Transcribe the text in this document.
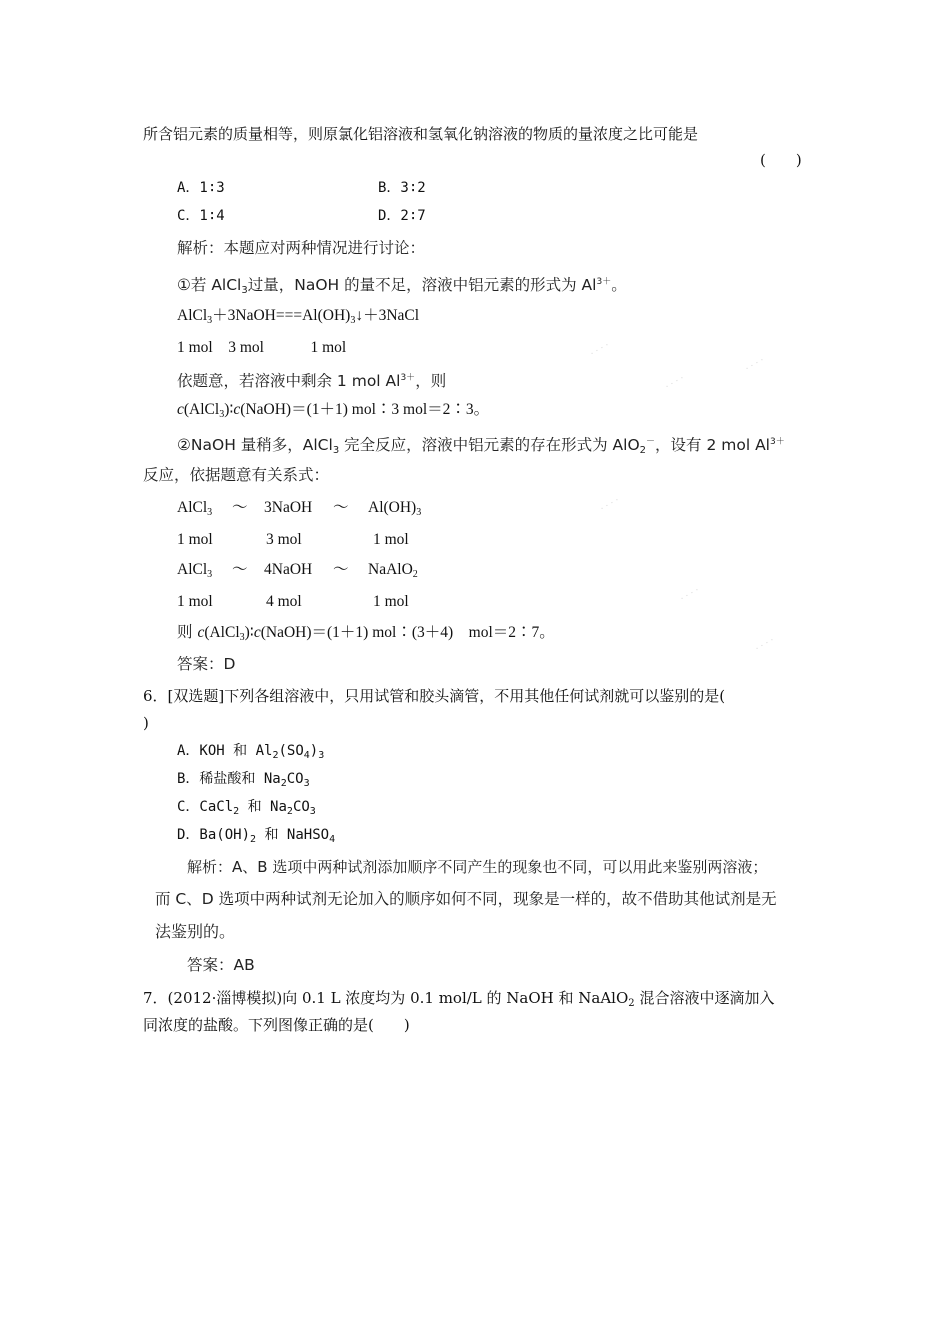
· · · ·
· · · ·
· · · ·
· · · ·
· · · ·
· · · ·
所含铝元素的质量相等，则原氯化铝溶液和氢氧化钠溶液的物质的量浓度之比可能是
(　　)
A．1∶3	B．3∶2
C．1∶4	D．2∶7
解析：本题应对两种情况进行讨论：
①若 AlCl$_3$过量，NaOH 的量不足，溶液中铝元素的形式为 $Al^{3+}$。
$AlCl_3+3NaOH===Al(OH)_3↓+3NaCl$
1 mol　3 mol　　　1 mol
依题意，若溶液中剩余 1 mol $Al^{3+}$，则
c(AlCl$_3$)∶c(NaOH)＝(1＋1) mol∶3 mol＝2∶3。
②NaOH 量稍多，AlCl$_3$ 完全反应，溶液中铝元素的存在形式为 AlO$_2$－，设有 2 mol $Al^{3+}$
反应，依据题意有关系式：
AlCl$_3$ ～ 3NaOH ～ $Al(OH)_3$
1 mol	3 mol	1 mol
AlCl$_3$ ～ 4NaOH ～ NaAlO$_2$
1 mol	4 mol	1 mol
则 c(AlCl$_3$)∶c(NaOH)＝(1＋1) mol∶(3＋4)　mol＝2∶7。
答案：D
6．[双选题]下列各组溶液中，只用试管和胶头滴管，不用其他任何试剂就可以鉴别的是(
)
A．KOH 和 $Al_2(SO_4)_3$
B．稀盐酸和 $Na_2CO_3$
C．CaCl$_2$ 和 $Na_2CO_3$
D．$Ba(OH)_2$ 和 NaHSO$_4$
解析：A、B 选项中两种试剂添加顺序不同产生的现象也不同，可以用此来鉴别两溶液；
而 C、D 选项中两种试剂无论加入的顺序如何不同，现象是一样的，故不借助其他试剂是无
法鉴别的。
答案：AB
7．(2012·淄博模拟)向 0.1 L 浓度均为 0.1 mol/L 的 NaOH 和 NaAlO$_2$ 混合溶液中逐滴加入
同浓度的盐酸。下列图像正确的是(　　)
